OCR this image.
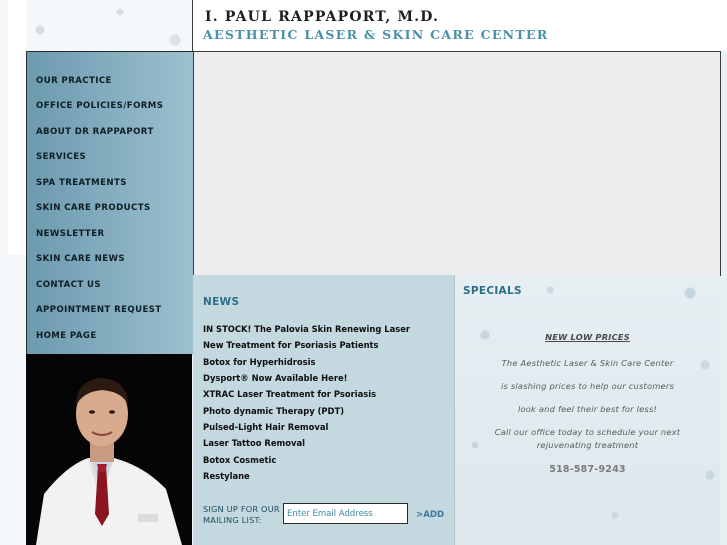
I. PAUL RAPPAPORT, M.D.
AESTHETIC LASER & SKIN CARE CENTER
OUR PRACTICE
OFFICE POLICIES/FORMS
ABOUT DR RAPPAPORT
SERVICES
SPA TREATMENTS
SKIN CARE PRODUCTS
NEWSLETTER
SKIN CARE NEWS
CONTACT US
APPOINTMENT REQUEST
HOME PAGE
NEWS
IN STOCK! The Palovia Skin Renewing Laser
New Treatment for Psoriasis Patients
Botox for Hyperhidrosis
Dysport® Now Available Here!
XTRAC Laser Treatment for Psoriasis
Photo dynamic Therapy (PDT)
Pulsed-Light Hair Removal
Laser Tattoo Removal
Botox Cosmetic
Restylane
SIGN UP FOR OUR MAILING LIST:
Enter Email Address	>ADD
SPECIALS
NEW LOW PRICES
The Aesthetic Laser & Skin Care Center
is slashing prices to help our customers
look and feel their best for less!
Call our office today to schedule your next
rejuvenating treatment
518-587-9243
